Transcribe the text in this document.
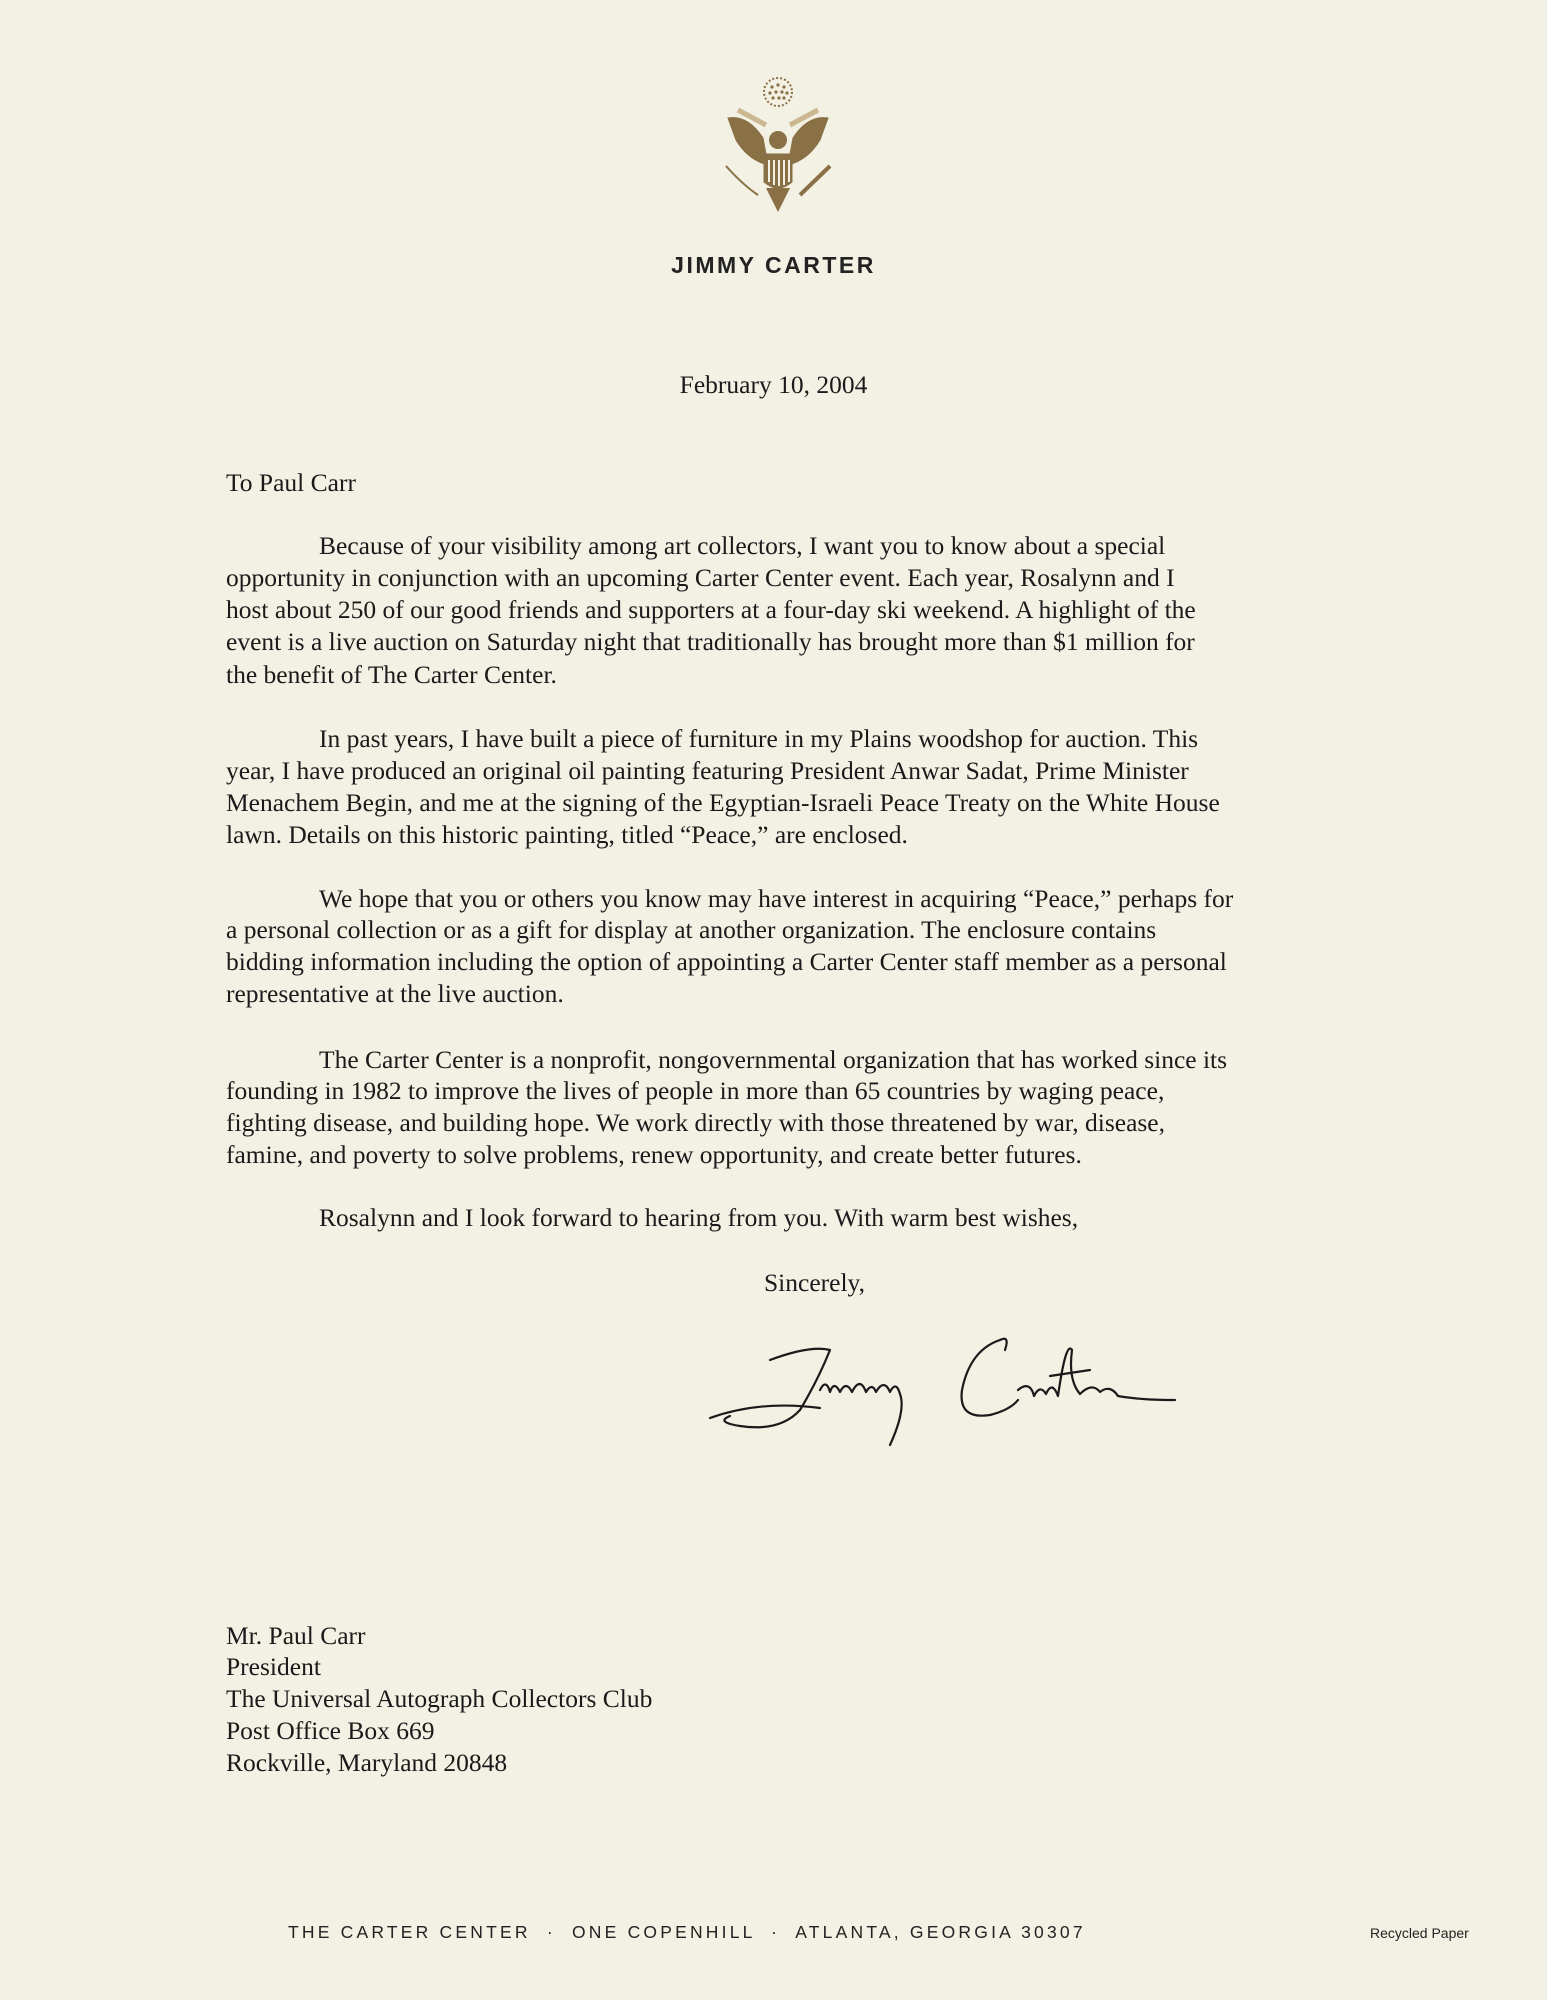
JIMMY CARTER
February 10, 2004
To Paul Carr
Because of your visibility among art collectors, I want you to know about a special
opportunity in conjunction with an upcoming Carter Center event. Each year, Rosalynn and I
host about 250 of our good friends and supporters at a four-day ski weekend. A highlight of the
event is a live auction on Saturday night that traditionally has brought more than $1 million for
the benefit of The Carter Center.
In past years, I have built a piece of furniture in my Plains woodshop for auction. This
year, I have produced an original oil painting featuring President Anwar Sadat, Prime Minister
Menachem Begin, and me at the signing of the Egyptian-Israeli Peace Treaty on the White House
lawn. Details on this historic painting, titled “Peace,” are enclosed.
We hope that you or others you know may have interest in acquiring “Peace,” perhaps for
a personal collection or as a gift for display at another organization. The enclosure contains
bidding information including the option of appointing a Carter Center staff member as a personal
representative at the live auction.
The Carter Center is a nonprofit, nongovernmental organization that has worked since its
founding in 1982 to improve the lives of people in more than 65 countries by waging peace,
fighting disease, and building hope. We work directly with those threatened by war, disease,
famine, and poverty to solve problems, renew opportunity, and create better futures.
Rosalynn and I look forward to hearing from you. With warm best wishes,
Sincerely,
Mr. Paul Carr
President
The Universal Autograph Collectors Club
Post Office Box 669
Rockville, Maryland 20848
THE CARTER CENTER  ·  ONE COPENHILL  ·  ATLANTA, GEORGIA 30307	Recycled Paper
